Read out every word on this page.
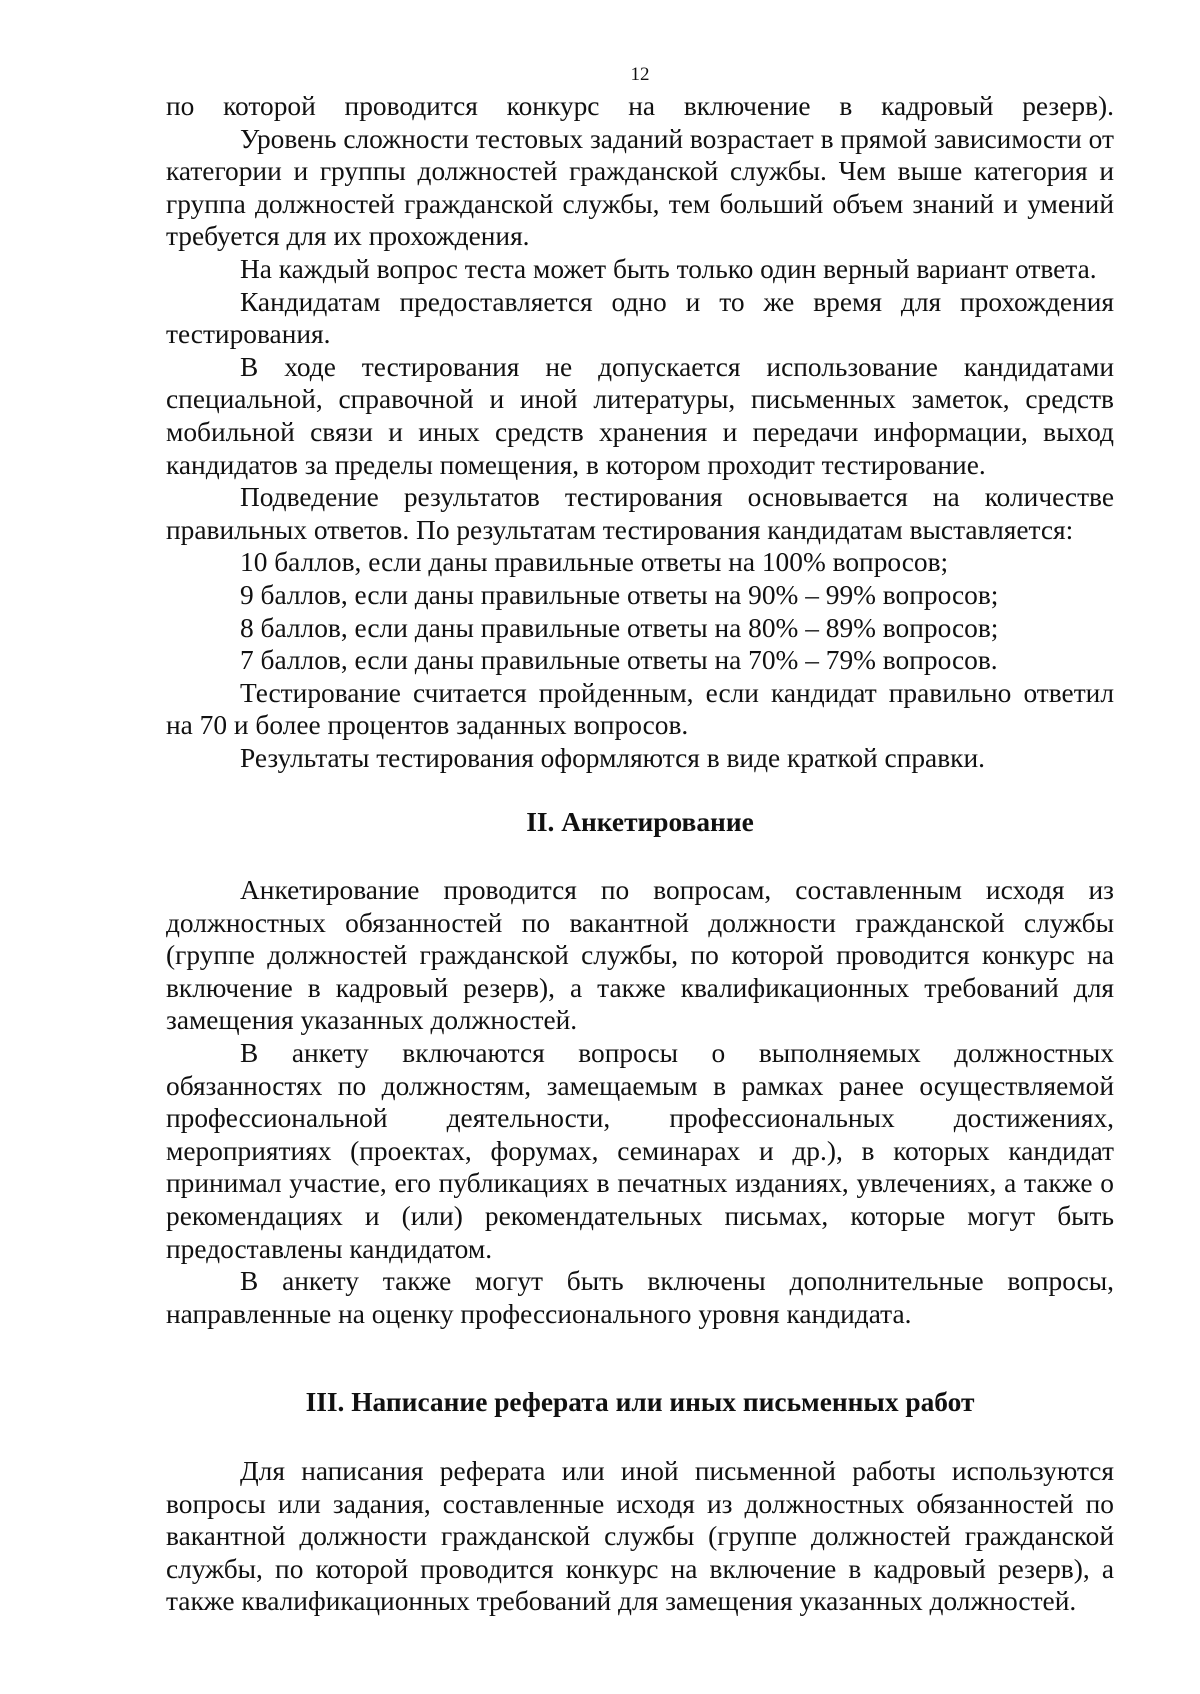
12

по которой проводится конкурс на включение в кадровый резерв).

Уровень сложности тестовых заданий возрастает в прямой зависимости от категории и группы должностей гражданской службы. Чем выше категория и группа должностей гражданской службы, тем больший объем знаний и умений требуется для их прохождения.

На каждый вопрос теста может быть только один верный вариант ответа.

Кандидатам предоставляется одно и то же время для прохождения тестирования.

В ходе тестирования не допускается использование кандидатами специальной, справочной и иной литературы, письменных заметок, средств мобильной связи и иных средств хранения и передачи информации, выход кандидатов за пределы помещения, в котором проходит тестирование.

Подведение результатов тестирования основывается на количестве правильных ответов. По результатам тестирования кандидатам выставляется:

10 баллов, если даны правильные ответы на 100% вопросов;

9 баллов, если даны правильные ответы на 90% – 99% вопросов;

8 баллов, если даны правильные ответы на 80% – 89% вопросов;

7 баллов, если даны правильные ответы на 70% – 79% вопросов.

Тестирование считается пройденным, если кандидат правильно ответил на 70 и более процентов заданных вопросов.

Результаты тестирования оформляются в виде краткой справки.

II. Анкетирование

Анкетирование проводится по вопросам, составленным исходя из должностных обязанностей по вакантной должности гражданской службы (группе должностей гражданской службы, по которой проводится конкурс на включение в кадровый резерв), а также квалификационных требований для замещения указанных должностей.

В анкету включаются вопросы о выполняемых должностных обязанностях по должностям, замещаемым в рамках ранее осуществляемой профессиональной деятельности, профессиональных достижениях, мероприятиях (проектах, форумах, семинарах и др.), в которых кандидат принимал участие, его публикациях в печатных изданиях, увлечениях, а также о рекомендациях и (или) рекомендательных письмах, которые могут быть предоставлены кандидатом.

В анкету также могут быть включены дополнительные вопросы, направленные на оценку профессионального уровня кандидата.

III. Написание реферата или иных письменных работ

Для написания реферата или иной письменной работы используются вопросы или задания, составленные исходя из должностных обязанностей по вакантной должности гражданской службы (группе должностей гражданской службы, по которой проводится конкурс на включение в кадровый резерв), а также квалификационных требований для замещения указанных должностей.
